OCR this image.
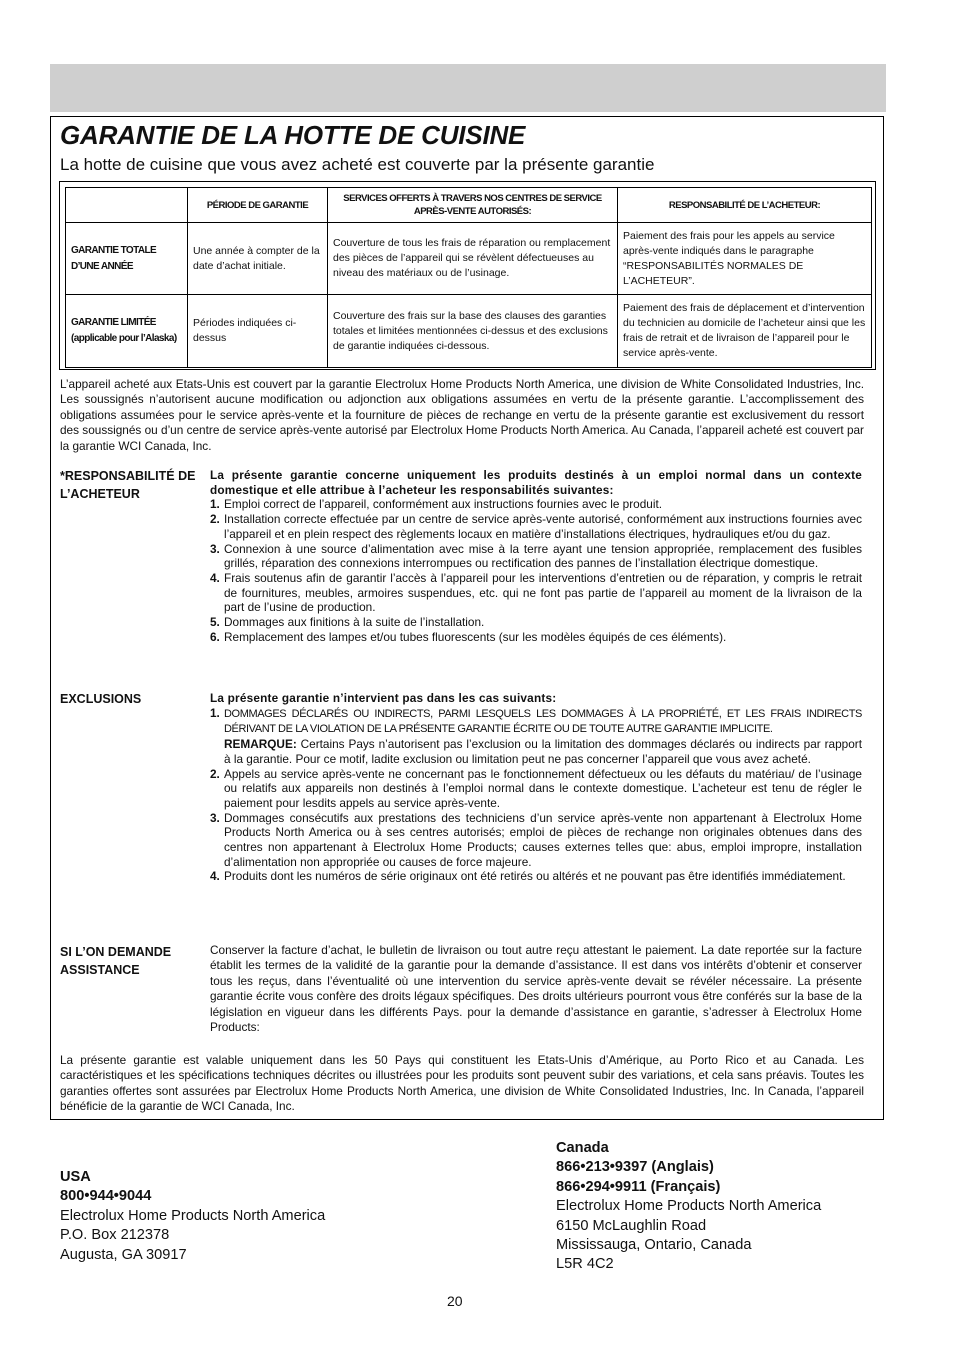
GARANTIE DE LA HOTTE DE CUISINE
La hotte de cuisine que vous avez acheté est couverte par la présente garantie
	PÉRIODE DE GARANTIE	SERVICES OFFERTS À TRAVERS NOS CENTRES DE SERVICE APRÈS-VENTE AUTORISÉS:	RESPONSABILITÉ DE L’ACHETEUR:
GARANTIE TOTALE D’UNE ANNÉE	Une année à compter de la date d’achat initiale.	Couverture de tous les frais de réparation ou remplacement des pièces de l’appareil qui se révèlent défectueuses au niveau des matériaux ou de l’usinage.	Paiement des frais pour les appels au service après-vente indiqués dans le paragraphe “RESPONSABILITÉS NORMALES DE L’ACHETEUR”.
GARANTIE LIMITÉE (applicable pour l’Alaska)	Périodes indiquées ci-dessus	Couverture des frais sur la base des clauses des garanties totales et limitées mentionnées ci-dessus et des exclusions de garantie indiquées ci-dessous.	Paiement des frais de déplacement et d’intervention du technicien au domicile de l’acheteur ainsi que les frais de retrait et de livraison de l’appareil pour le service après-vente.
L’appareil acheté aux Etats-Unis est couvert par la garantie Electrolux Home Products North America, une division de White Consolidated Industries, Inc. Les soussignés n’autorisent aucune modification ou adjonction aux obligations assumées en vertu de la présente garantie. L’accomplissement des obligations assumées pour le service après-vente et la fourniture de pièces de rechange en vertu de la présente garantie est exclusivement du ressort des soussignés ou d’un centre de service après-vente autorisé par Electrolux Home Products North America. Au Canada, l’appareil acheté est couvert par la garantie WCI Canada, Inc.
*RESPONSABILITÉ DE L’ACHETEUR
La présente garantie concerne uniquement les produits destinés à un emploi normal dans un contexte domestique et elle attribue à l’acheteur les responsabilités suivantes:
1. Emploi correct de l’appareil, conformément aux instructions fournies avec le produit.
2. Installation correcte effectuée par un centre de service après-vente autorisé, conformément aux instructions fournies avec l’appareil et en plein respect des règlements locaux en matière d’installations électriques, hydrauliques et/ou du gaz.
3. Connexion à une source d’alimentation avec mise à la terre ayant une tension appropriée, remplacement des fusibles grillés, réparation des connexions interrompues ou rectification des pannes de l’installation électrique domestique.
4. Frais soutenus afin de garantir l’accès à l’appareil pour les interventions d’entretien ou de réparation, y compris le retrait de fournitures, meubles, armoires suspendues, etc. qui ne font pas partie de l’appareil au moment de la livraison de la part de l’usine de production.
5. Dommages aux finitions à la suite de l’installation.
6. Remplacement des lampes et/ou tubes fluorescents (sur les modèles équipés de ces éléments).
EXCLUSIONS	La présente garantie n’intervient pas dans les cas suivants:
1. DOMMAGES DÉCLARÉS OU INDIRECTS, PARMI LESQUELS LES DOMMAGES À LA PROPRIÉTÉ, ET LES FRAIS INDIRECTS DÉRIVANT DE LA VIOLATION DE LA PRÉSENTE GARANTIE ÉCRITE OU DE TOUTE AUTRE GARANTIE IMPLICITE.
REMARQUE: Certains Pays n’autorisent pas l’exclusion ou la limitation des dommages déclarés ou indirects par rapport à la garantie. Pour ce motif, ladite exclusion ou limitation peut ne pas concerner l’appareil que vous avez acheté.
2. Appels au service après-vente ne concernant pas le fonctionnement défectueux ou les défauts du matériau/ de l’usinage ou relatifs aux appareils non destinés à l’emploi normal dans le contexte domestique. L’acheteur est tenu de régler le paiement pour lesdits appels au service après-vente.
3. Dommages consécutifs aux prestations des techniciens d’un service après-vente non appartenant à Electrolux Home Products North America ou à ses centres autorisés; emploi de pièces de rechange non originales obtenues dans des centres non appartenant à Electrolux Home Products; causes externes telles que: abus, emploi impropre, installation d’alimentation non appropriée ou causes de force majeure.
4. Produits dont les numéros de série originaux ont été retirés ou altérés et ne pouvant pas être identifiés immédiatement.
SI L’ON DEMANDE ASSISTANCE
Conserver la facture d’achat, le bulletin de livraison ou tout autre reçu attestant le paiement. La date reportée sur la facture établit les termes de la validité de la garantie pour la demande d’assistance. Il est dans vos intérêts d’obtenir et conserver tous les reçus, dans l’éventualité où une intervention du service après-vente devait se révéler nécessaire. La présente garantie écrite vous confère des droits légaux spécifiques. Des droits ultérieurs pourront vous être conférés sur la base de la législation en vigueur dans les différents Pays. pour la demande d’assistance en garantie, s’adresser à Electrolux Home Products:
La présente garantie est valable uniquement dans les 50 Pays qui constituent les Etats-Unis d’Amérique, au Porto Rico et au Canada. Les caractéristiques et les spécifications techniques décrites ou illustrées pour les produits sont peuvent subir des variations, et cela sans préavis. Toutes les garanties offertes sont assurées par Electrolux Home Products North America, une division de White Consolidated Industries, Inc. In Canada, l’appareil bénéficie de la garantie de WCI Canada, Inc.
USA
800•944•9044
Electrolux Home Products North America
P.O. Box 212378
Augusta, GA 30917
Canada
866•213•9397 (Anglais)
866•294•9911 (Français)
Electrolux Home Products North America
6150 McLaughlin Road
Mississauga, Ontario, Canada
L5R 4C2
20
